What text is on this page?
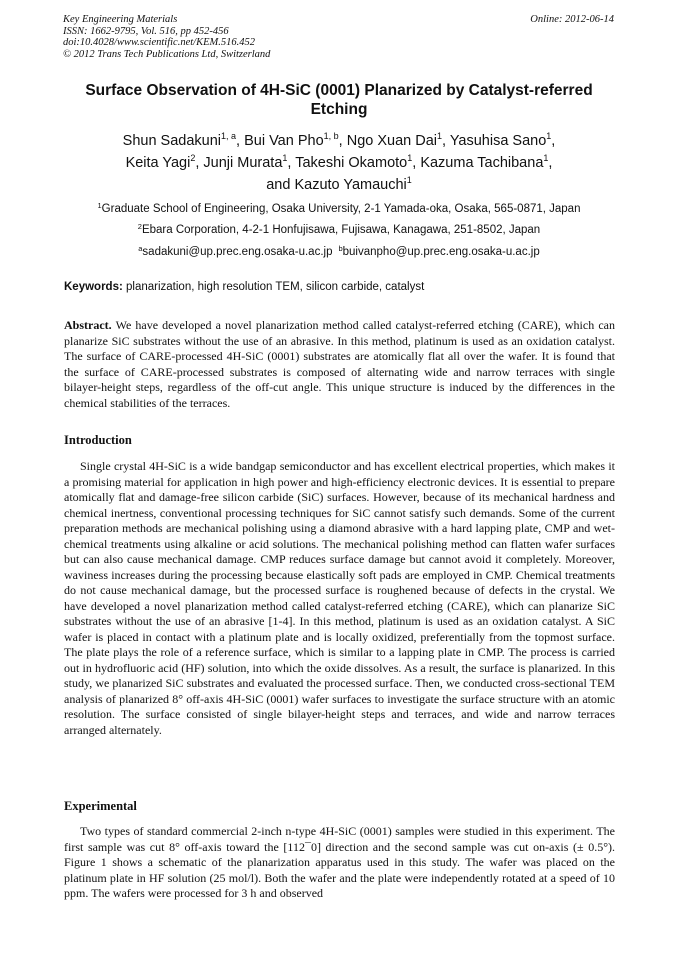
Key Engineering Materials
ISSN: 1662-9795, Vol. 516, pp 452-456
doi:10.4028/www.scientific.net/KEM.516.452
© 2012 Trans Tech Publications Ltd, Switzerland
Online: 2012-06-14
Surface Observation of 4H-SiC (0001) Planarized by Catalyst-referred Etching
Shun Sadakuni$^{1, a}$, Bui Van Pho$^{1, b}$, Ngo Xuan Dai$^1$, Yasuhisa Sano$^1$,
Keita Yagi$^2$, Junji Murata$^1$, Takeshi Okamoto$^1$, Kazuma Tachibana$^1$,
and Kazuto Yamauchi$^1$
$^1$Graduate School of Engineering, Osaka University, 2-1 Yamada-oka, Osaka, 565-0871, Japan
$^2$Ebara Corporation, 4-2-1 Honfujisawa, Fujisawa, Kanagawa, 251-8502, Japan
$^a$sadakuni@up.prec.eng.osaka-u.ac.jp $^b$buivanpho@up.prec.eng.osaka-u.ac.jp
Keywords: planarization, high resolution TEM, silicon carbide, catalyst
Abstract. We have developed a novel planarization method called catalyst-referred etching (CARE), which can planarize SiC substrates without the use of an abrasive. In this method, platinum is used as an oxidation catalyst. The surface of CARE-processed 4H-SiC (0001) substrates are atomically flat all over the wafer. It is found that the surface of CARE-processed substrates is composed of alternating wide and narrow terraces with single bilayer-height steps, regardless of the off-cut angle. This unique structure is induced by the differences in the chemical stabilities of the terraces.
Introduction
Single crystal 4H-SiC is a wide bandgap semiconductor and has excellent electrical properties, which makes it a promising material for application in high power and high-efficiency electronic devices. It is essential to prepare atomically flat and damage-free silicon carbide (SiC) surfaces. However, because of its mechanical hardness and chemical inertness, conventional processing techniques for SiC cannot satisfy such demands. Some of the current preparation methods are mechanical polishing using a diamond abrasive with a hard lapping plate, CMP and wet-chemical treatments using alkaline or acid solutions. The mechanical polishing method can flatten wafer surfaces but can also cause mechanical damage. CMP reduces surface damage but cannot avoid it completely. Moreover, waviness increases during the processing because elastically soft pads are employed in CMP. Chemical treatments do not cause mechanical damage, but the processed surface is roughened because of defects in the crystal. We have developed a novel planarization method called catalyst-referred etching (CARE), which can planarize SiC substrates without the use of an abrasive [1-4]. In this method, platinum is used as an oxidation catalyst. A SiC wafer is placed in contact with a platinum plate and is locally oxidized, preferentially from the topmost surface. The plate plays the role of a reference surface, which is similar to a lapping plate in CMP. The process is carried out in hydrofluoric acid (HF) solution, into which the oxide dissolves. As a result, the surface is planarized. In this study, we planarized SiC substrates and evaluated the processed surface. Then, we conducted cross-sectional TEM analysis of planarized 8° off-axis 4H-SiC (0001) wafer surfaces to investigate the surface structure with an atomic resolution. The surface consisted of single bilayer-height steps and terraces, and wide and narrow terraces arranged alternately.
Experimental
Two types of standard commercial 2-inch n-type 4H-SiC (0001) samples were studied in this experiment. The first sample was cut 8° off-axis toward the [112¯0] direction and the second sample was cut on-axis (± 0.5°). Figure 1 shows a schematic of the planarization apparatus used in this study. The wafer was placed on the platinum plate in HF solution (25 mol/l). Both the wafer and the plate were independently rotated at a speed of 10 ppm. The wafers were processed for 3 h and observed
